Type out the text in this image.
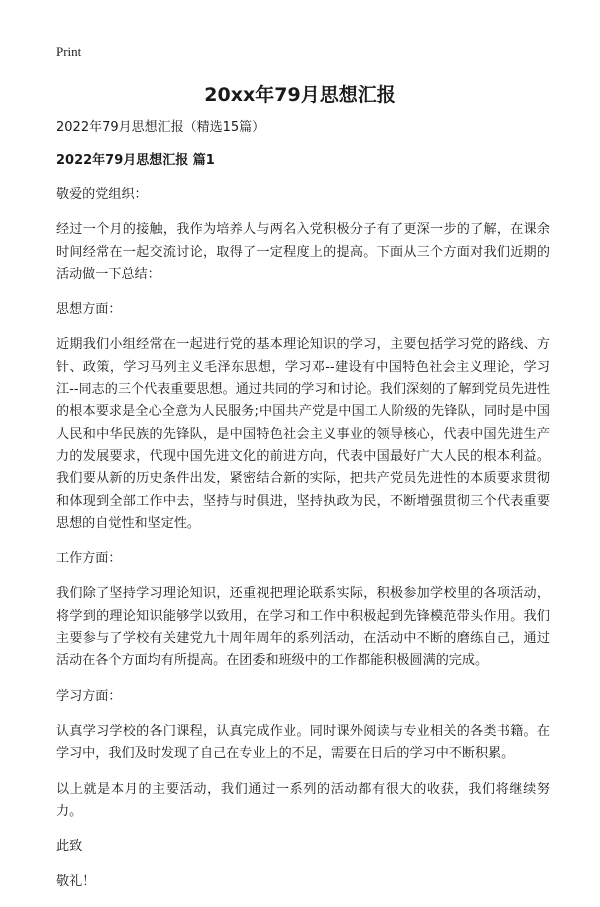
Print
20xx年79月思想汇报

2022年79月思想汇报（精选15篇）

2022年79月思想汇报 篇1

敬爱的党组织：

经过一个月的接触，我作为培养人与两名入党积极分子有了更深一步的了解，在课余时间经常在一起交流讨论，取得了一定程度上的提高。下面从三个方面对我们近期的活动做一下总结：

思想方面：

近期我们小组经常在一起进行党的基本理论知识的学习，主要包括学习党的路线、方针、政策，学习马列主义毛泽东思想，学习邓--建设有中国特色社会主义理论，学习江--同志的三个代表重要思想。通过共同的学习和讨论。我们深刻的了解到党员先进性的根本要求是全心全意为人民服务;中国共产党是中国工人阶级的先锋队，同时是中国人民和中华民族的先锋队，是中国特色社会主义事业的领导核心，代表中国先进生产力的发展要求，代现中国先进文化的前进方向，代表中国最好广大人民的根本利益。我们要从新的历史条件出发，紧密结合新的实际，把共产党员先进性的本质要求贯彻和体现到全部工作中去，坚持与时俱进，坚持执政为民，不断增强贯彻三个代表重要思想的自觉性和坚定性。

工作方面：

我们除了坚持学习理论知识，还重视把理论联系实际，积极参加学校里的各项活动，将学到的理论知识能够学以致用，在学习和工作中积极起到先锋模范带头作用。我们主要参与了学校有关建党九十周年周年的系列活动，在活动中不断的磨练自己，通过活动在各个方面均有所提高。在团委和班级中的工作都能积极圆满的完成。

学习方面：

认真学习学校的各门课程，认真完成作业。同时课外阅读与专业相关的各类书籍。在学习中，我们及时发现了自己在专业上的不足，需要在日后的学习中不断积累。

以上就是本月的主要活动，我们通过一系列的活动都有很大的收获，我们将继续努力。

此致

敬礼！
